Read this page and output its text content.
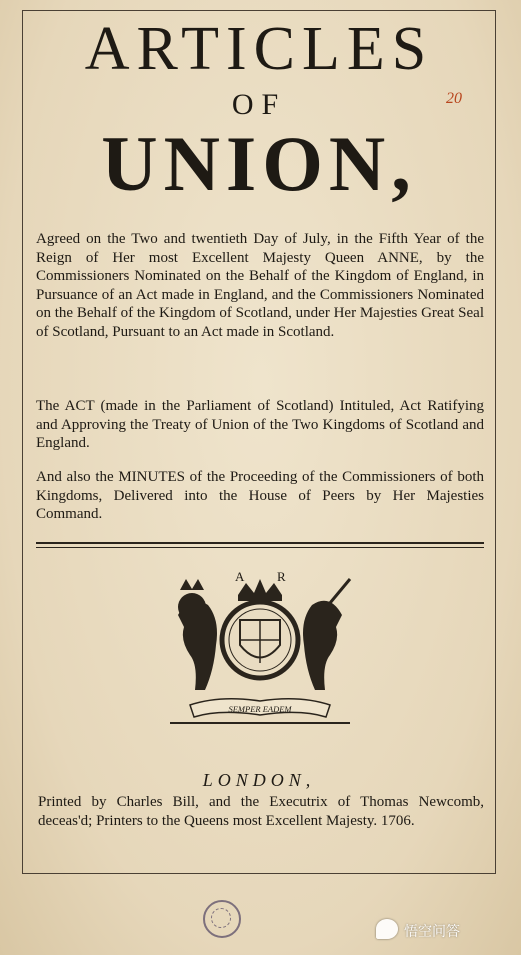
ARTICLES
OF
UNION,
20
Agreed on the Two and twentieth Day of July, in the Fifth Year of the Reign of Her most Excellent Majesty Queen ANNE, by the Commissioners Nominated on the Behalf of the Kingdom of England, in Pursuance of an Act made in England, and the Commissioners Nominated on the Behalf of the Kingdom of Scotland, under Her Majesties Great Seal of Scotland, Pursuant to an Act made in Scotland.
The ACT (made in the Parliament of Scotland) Intituled, Act Ratifying and Approving the Treaty of Union of the Two Kingdoms of Scotland and England.
And also the MINUTES of the Proceeding of the Commissioners of both Kingdoms, Delivered into the House of Peers by Her Majesties Command.
A	R
SEMPER EADEM
LONDON,
Printed by Charles Bill, and the Executrix of Thomas Newcomb, deceas'd; Printers to the Queens most Excellent Majesty. 1706.
悟空问答
